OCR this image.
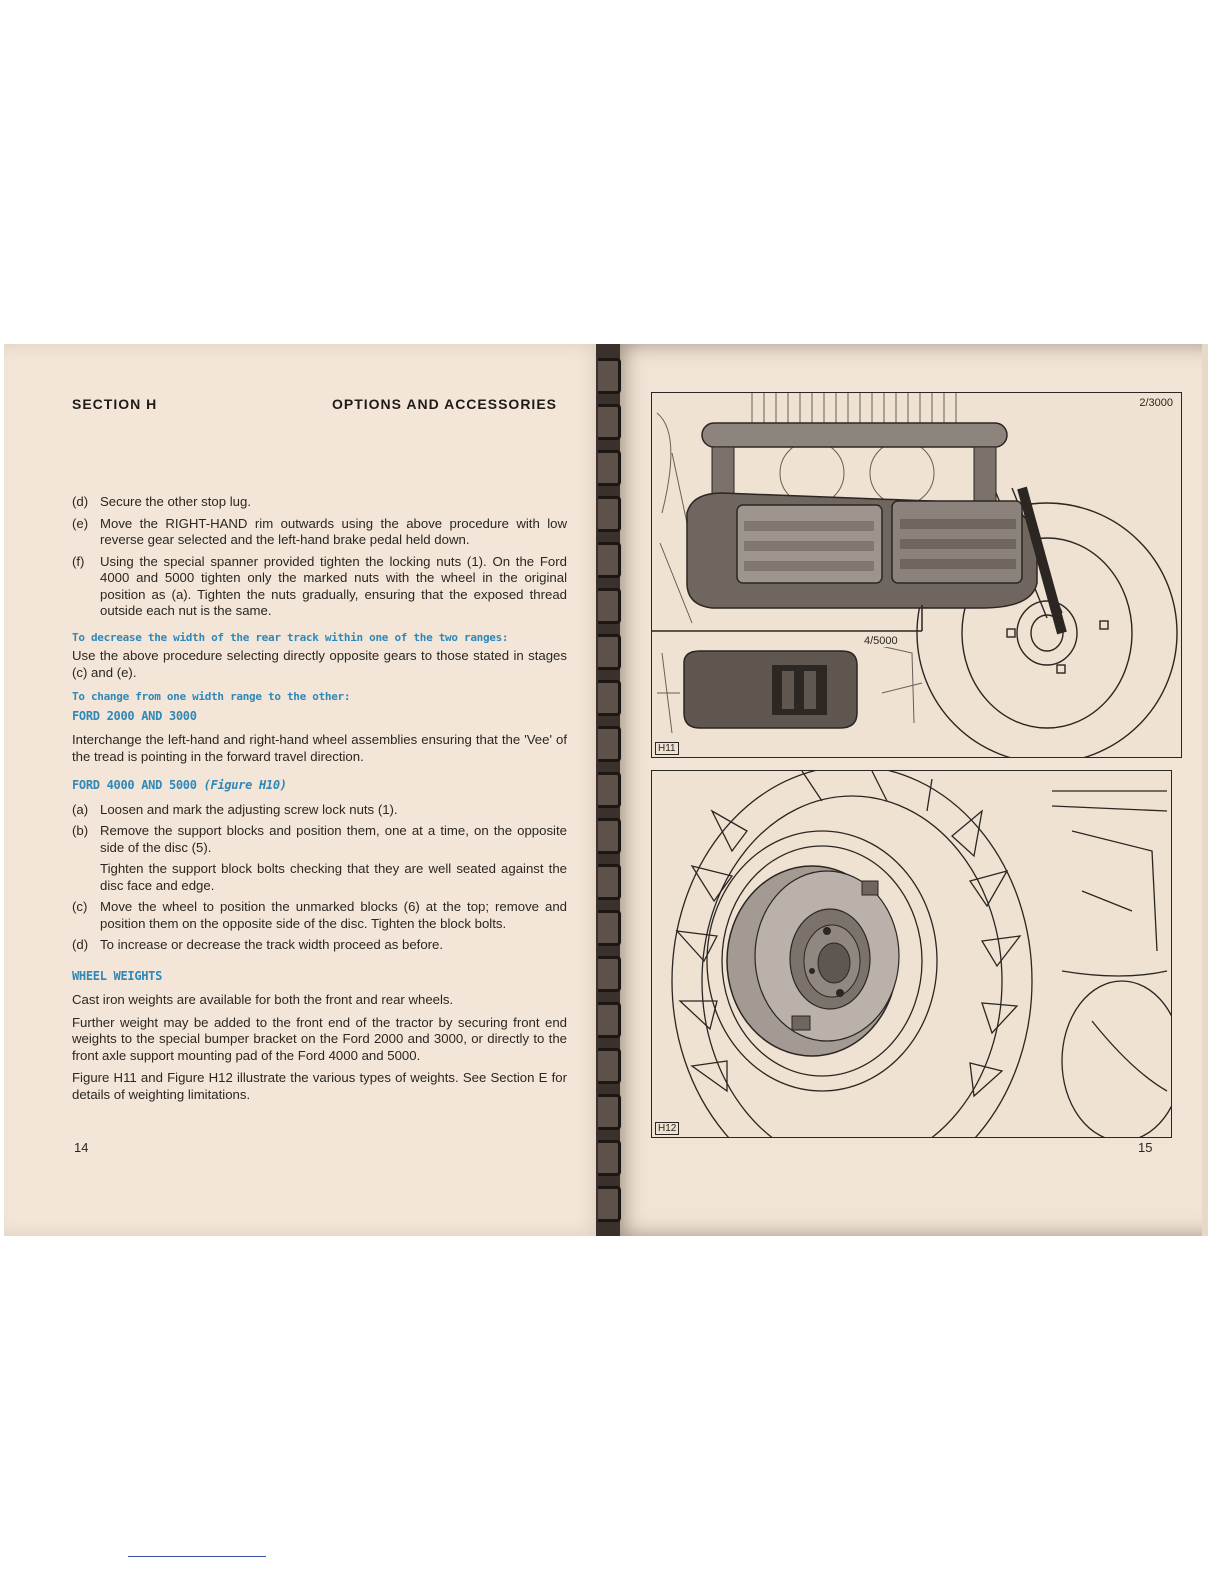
SECTION H	OPTIONS AND ACCESSORIES
(d) Secure the other stop lug.
(e) Move the RIGHT-HAND rim outwards using the above procedure with low reverse gear selected and the left-hand brake pedal held down.
(f)	Using the special spanner provided tighten the locking nuts (1). On the Ford 4000 and 5000 tighten only the marked nuts with the wheel in the original position as (a). Tighten the nuts gradually, ensuring that the exposed thread outside each nut is the same.
To decrease the width of the rear track within one of the two ranges:
Use the above procedure selecting directly opposite gears to those stated in stages (c) and (e).
To change from one width range to the other:
FORD 2000 AND 3000
Interchange the left-hand and right-hand wheel assemblies ensuring that the 'Vee' of the tread is pointing in the forward travel direction.
FORD 4000 AND 5000 (Figure H10)
(a) Loosen and mark the adjusting screw lock nuts (1).
(b) Remove the support blocks and position them, one at a time, on the opposite side of the disc (5).
Tighten the support block bolts checking that they are well seated against the disc face and edge.
(c) Move the wheel to position the unmarked blocks (6) at the top; remove and position them on the opposite side of the disc. Tighten the block bolts.
(d) To increase or decrease the track width proceed as before.
WHEEL WEIGHTS
Cast iron weights are available for both the front and rear wheels.
Further weight may be added to the front end of the tractor by securing front end weights to the special bumper bracket on the Ford 2000 and 3000, or directly to the front axle support mounting pad of the Ford 4000 and 5000.
Figure H11 and Figure H12 illustrate the various types of weights. See Section E for details of weighting limitations.
14
2/3000
4/5000
H11
H12
15
